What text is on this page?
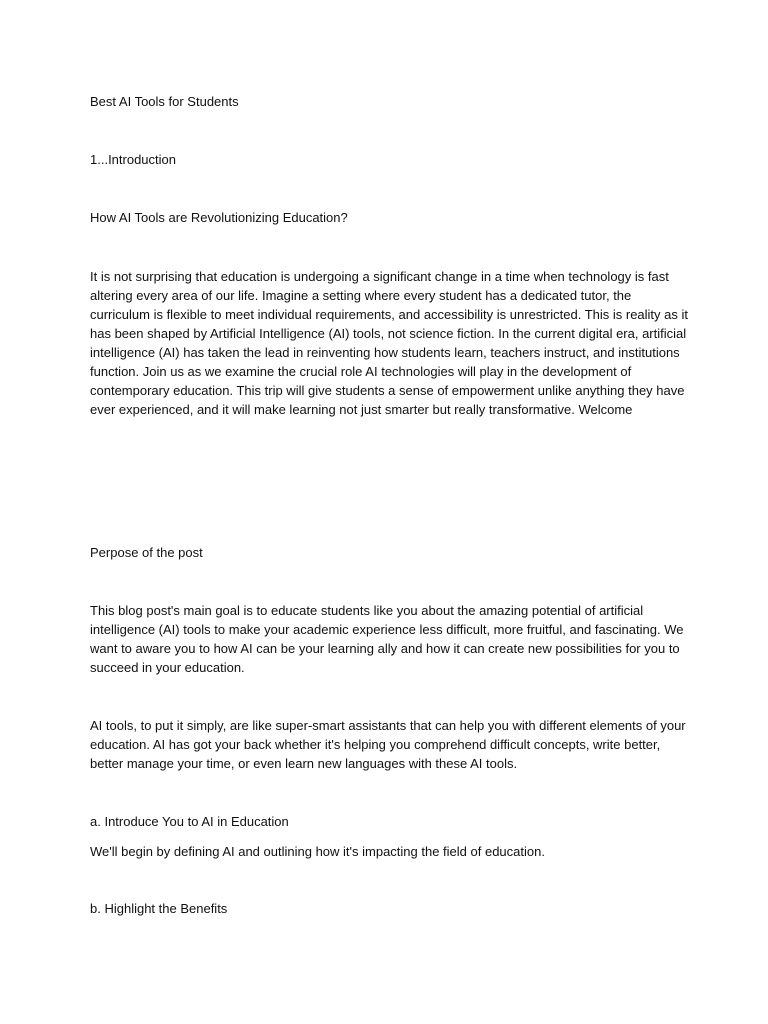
Best AI Tools for Students

1...Introduction

How AI Tools are Revolutionizing Education?

It is not surprising that education is undergoing a significant change in a time when technology is fast
altering every area of our life. Imagine a setting where every student has a dedicated tutor, the
curriculum is flexible to meet individual requirements, and accessibility is unrestricted. This is reality as it
has been shaped by Artificial Intelligence (AI) tools, not science fiction. In the current digital era, artificial
intelligence (AI) has taken the lead in reinventing how students learn, teachers instruct, and institutions
function. Join us as we examine the crucial role AI technologies will play in the development of
contemporary education. This trip will give students a sense of empowerment unlike anything they have
ever experienced, and it will make learning not just smarter but really transformative. Welcome

Perpose of the post

This blog post's main goal is to educate students like you about the amazing potential of artificial
intelligence (AI) tools to make your academic experience less difficult, more fruitful, and fascinating. We
want to aware you to how AI can be your learning ally and how it can create new possibilities for you to
succeed in your education.
AI tools, to put it simply, are like super-smart assistants that can help you with different elements of your
education. AI has got your back whether it's helping you comprehend difficult concepts, write better,
better manage your time, or even learn new languages with these AI tools.

a. Introduce You to AI in Education

We'll begin by defining AI and outlining how it's impacting the field of education.

b. Highlight the Benefits
